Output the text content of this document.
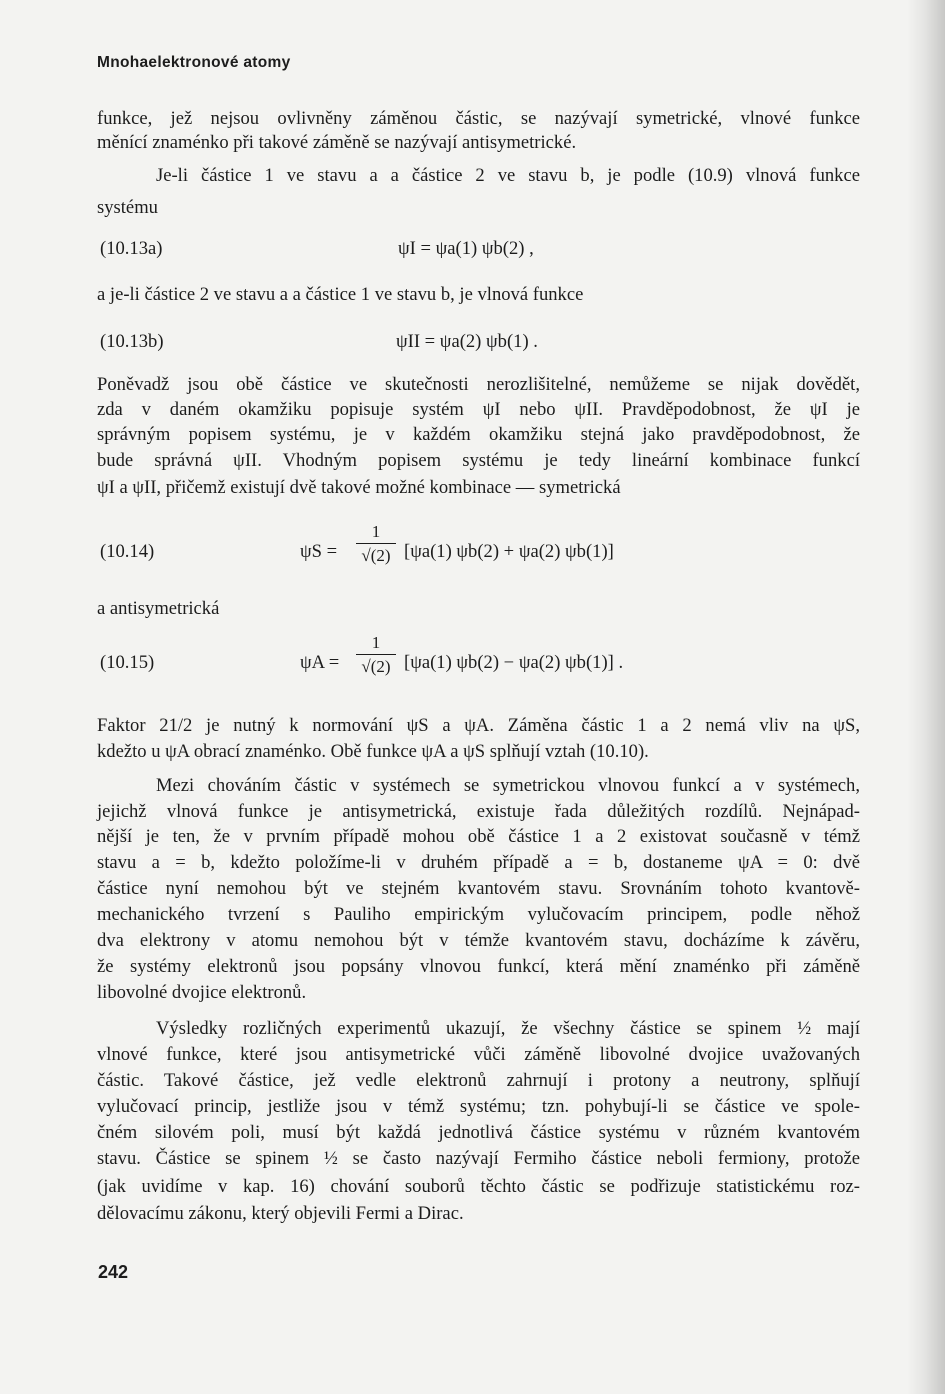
Mnohaelektronové atomy
funkce, jež nejsou ovlivněny záměnou částic, se nazývají symetrické, vlnové funkce
měnící znaménko při takové záměně se nazývají antisymetrické.
Je-li částice 1 ve stavu a a částice 2 ve stavu b, je podle (10.9) vlnová funkce
systému
(10.13a)	ψI = ψa(1) ψb(2) ,
a je-li částice 2 ve stavu a a částice 1 ve stavu b, je vlnová funkce
(10.13b)	ψII = ψa(2) ψb(1) .
Poněvadž jsou obě částice ve skutečnosti nerozlišitelné, nemůžeme se nijak dovědět,
zda v daném okamžiku popisuje systém ψI nebo ψII. Pravděpodobnost, že ψI je
správným popisem systému, je v každém okamžiku stejná jako pravděpodobnost, že
bude správná ψII. Vhodným popisem systému je tedy lineární kombinace funkcí
ψI a ψII, přičemž existují dvě takové možné kombinace — symetrická
(10.14)	ψS =
1
√(2) [ψa(1) ψb(2) + ψa(2) ψb(1)]
a antisymetrická
(10.15)	ψA =
1
√(2) [ψa(1) ψb(2) − ψa(2) ψb(1)] .
Faktor 21/2 je nutný k normování ψS a ψA. Záměna částic 1 a 2 nemá vliv na ψS,
kdežto u ψA obrací znaménko. Obě funkce ψA a ψS splňují vztah (10.10).
Mezi chováním částic v systémech se symetrickou vlnovou funkcí a v systémech,
jejichž vlnová funkce je antisymetrická, existuje řada důležitých rozdílů. Nejnápad-
nější je ten, že v prvním případě mohou obě částice 1 a 2 existovat současně v témž
stavu a = b, kdežto položíme-li v druhém případě a = b, dostaneme ψA = 0: dvě
částice nyní nemohou být ve stejném kvantovém stavu. Srovnáním tohoto kvantově-
mechanického tvrzení s Pauliho empirickým vylučovacím principem, podle něhož
dva elektrony v atomu nemohou být v témže kvantovém stavu, docházíme k závěru,
že systémy elektronů jsou popsány vlnovou funkcí, která mění znaménko při záměně
libovolné dvojice elektronů.
Výsledky rozličných experimentů ukazují, že všechny částice se spinem ½ mají
vlnové funkce, které jsou antisymetrické vůči záměně libovolné dvojice uvažovaných
částic. Takové částice, jež vedle elektronů zahrnují i protony a neutrony, splňují
vylučovací princip, jestliže jsou v témž systému; tzn. pohybují-li se částice ve spole-
čném silovém poli, musí být každá jednotlivá částice systému v různém kvantovém
stavu. Částice se spinem ½ se často nazývají Fermiho částice neboli fermiony, protože
(jak uvidíme v kap. 16) chování souborů těchto částic se podřizuje statistickému roz-
dělovacímu zákonu, který objevili Fermi a Dirac.
242
